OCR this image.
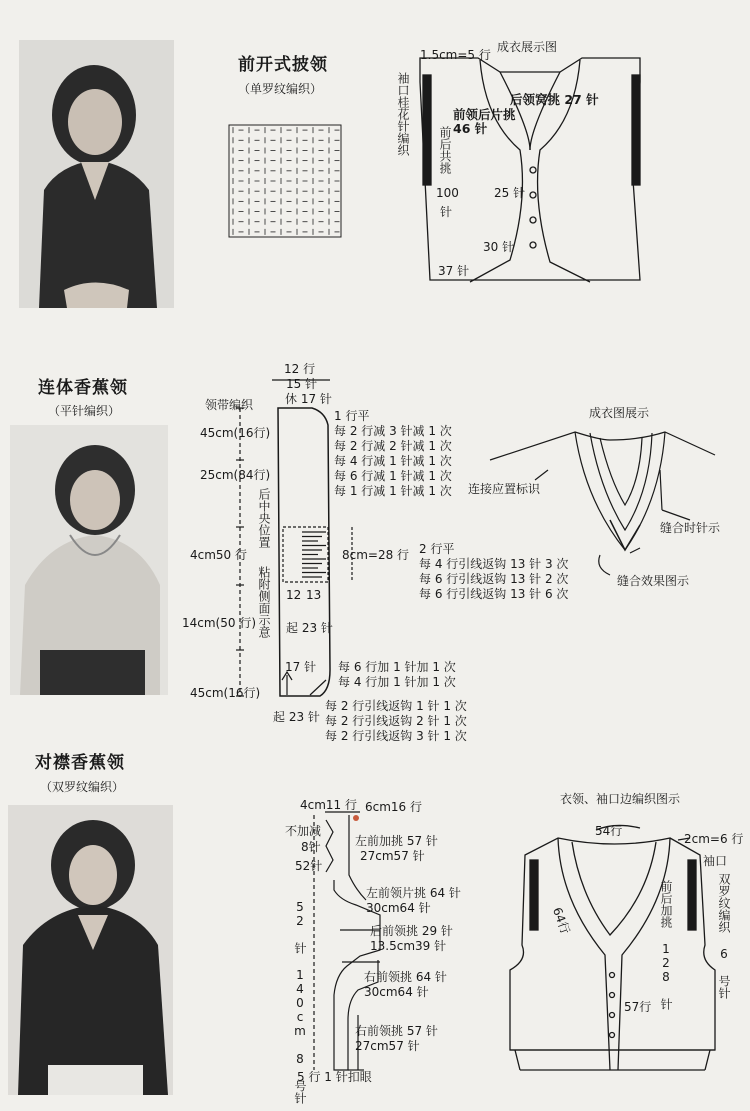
前开式披领
（单罗纹编织）
成衣展示图
1.5cm=5 行
后领窝挑 27 针
前领后片挑46 针
袖口桂花针编织 前后共挑
100
针
25 针
30 针
37 针
连体香蕉领
（平针编织）	领带编织
12 行
15 针
休 17 针
45cm(16行)
25cm(84行)
4cm50 行
14cm(50 行)
45cm(16行)
后中央位置
粘附侧面示意 12 13
起 23 针
17 针
起 23 针
8cm=28 行
1 行平
每 2 行减 3 针减 1 次
每 2 行减 2 针减 1 次
每 4 行减 1 针减 1 次
每 6 行减 1 针减 1 次
每 1 行减 1 针减 1 次
2 行平
每 4 行引线返钩 13 针 3 次
每 6 行引线返钩 13 针 2 次
每 6 行引线返钩 13 针 6 次
每 6 行加 1 针加 1 次
每 4 行加 1 针加 1 次
每 2 行引线返钩 1 针 1 次
每 2 行引线返钩 2 针 1 次
每 2 行引线返钩 3 针 1 次
成衣图展示
连接应置标识
缝合时针示
缝合效果图示
对襟香蕉领
（双罗纹编织）
4cm11 行 6cm16 行
不加减
8针
52针
52 针 140cm 8 号针
左前加挑 57 针
27cm57 针
左前领片挑 64 针
30cm64 针
后前领挑 29 针
13.5cm39 针
右前领挑 64 针
30cm64 针
右前领挑 57 针
27cm57 针
5 行 1 针扣眼
衣领、袖口边编织图示
54行
2cm=6 行
袖口
64行	前后加挑 128 针	双罗纹编织 6 号针
57行
